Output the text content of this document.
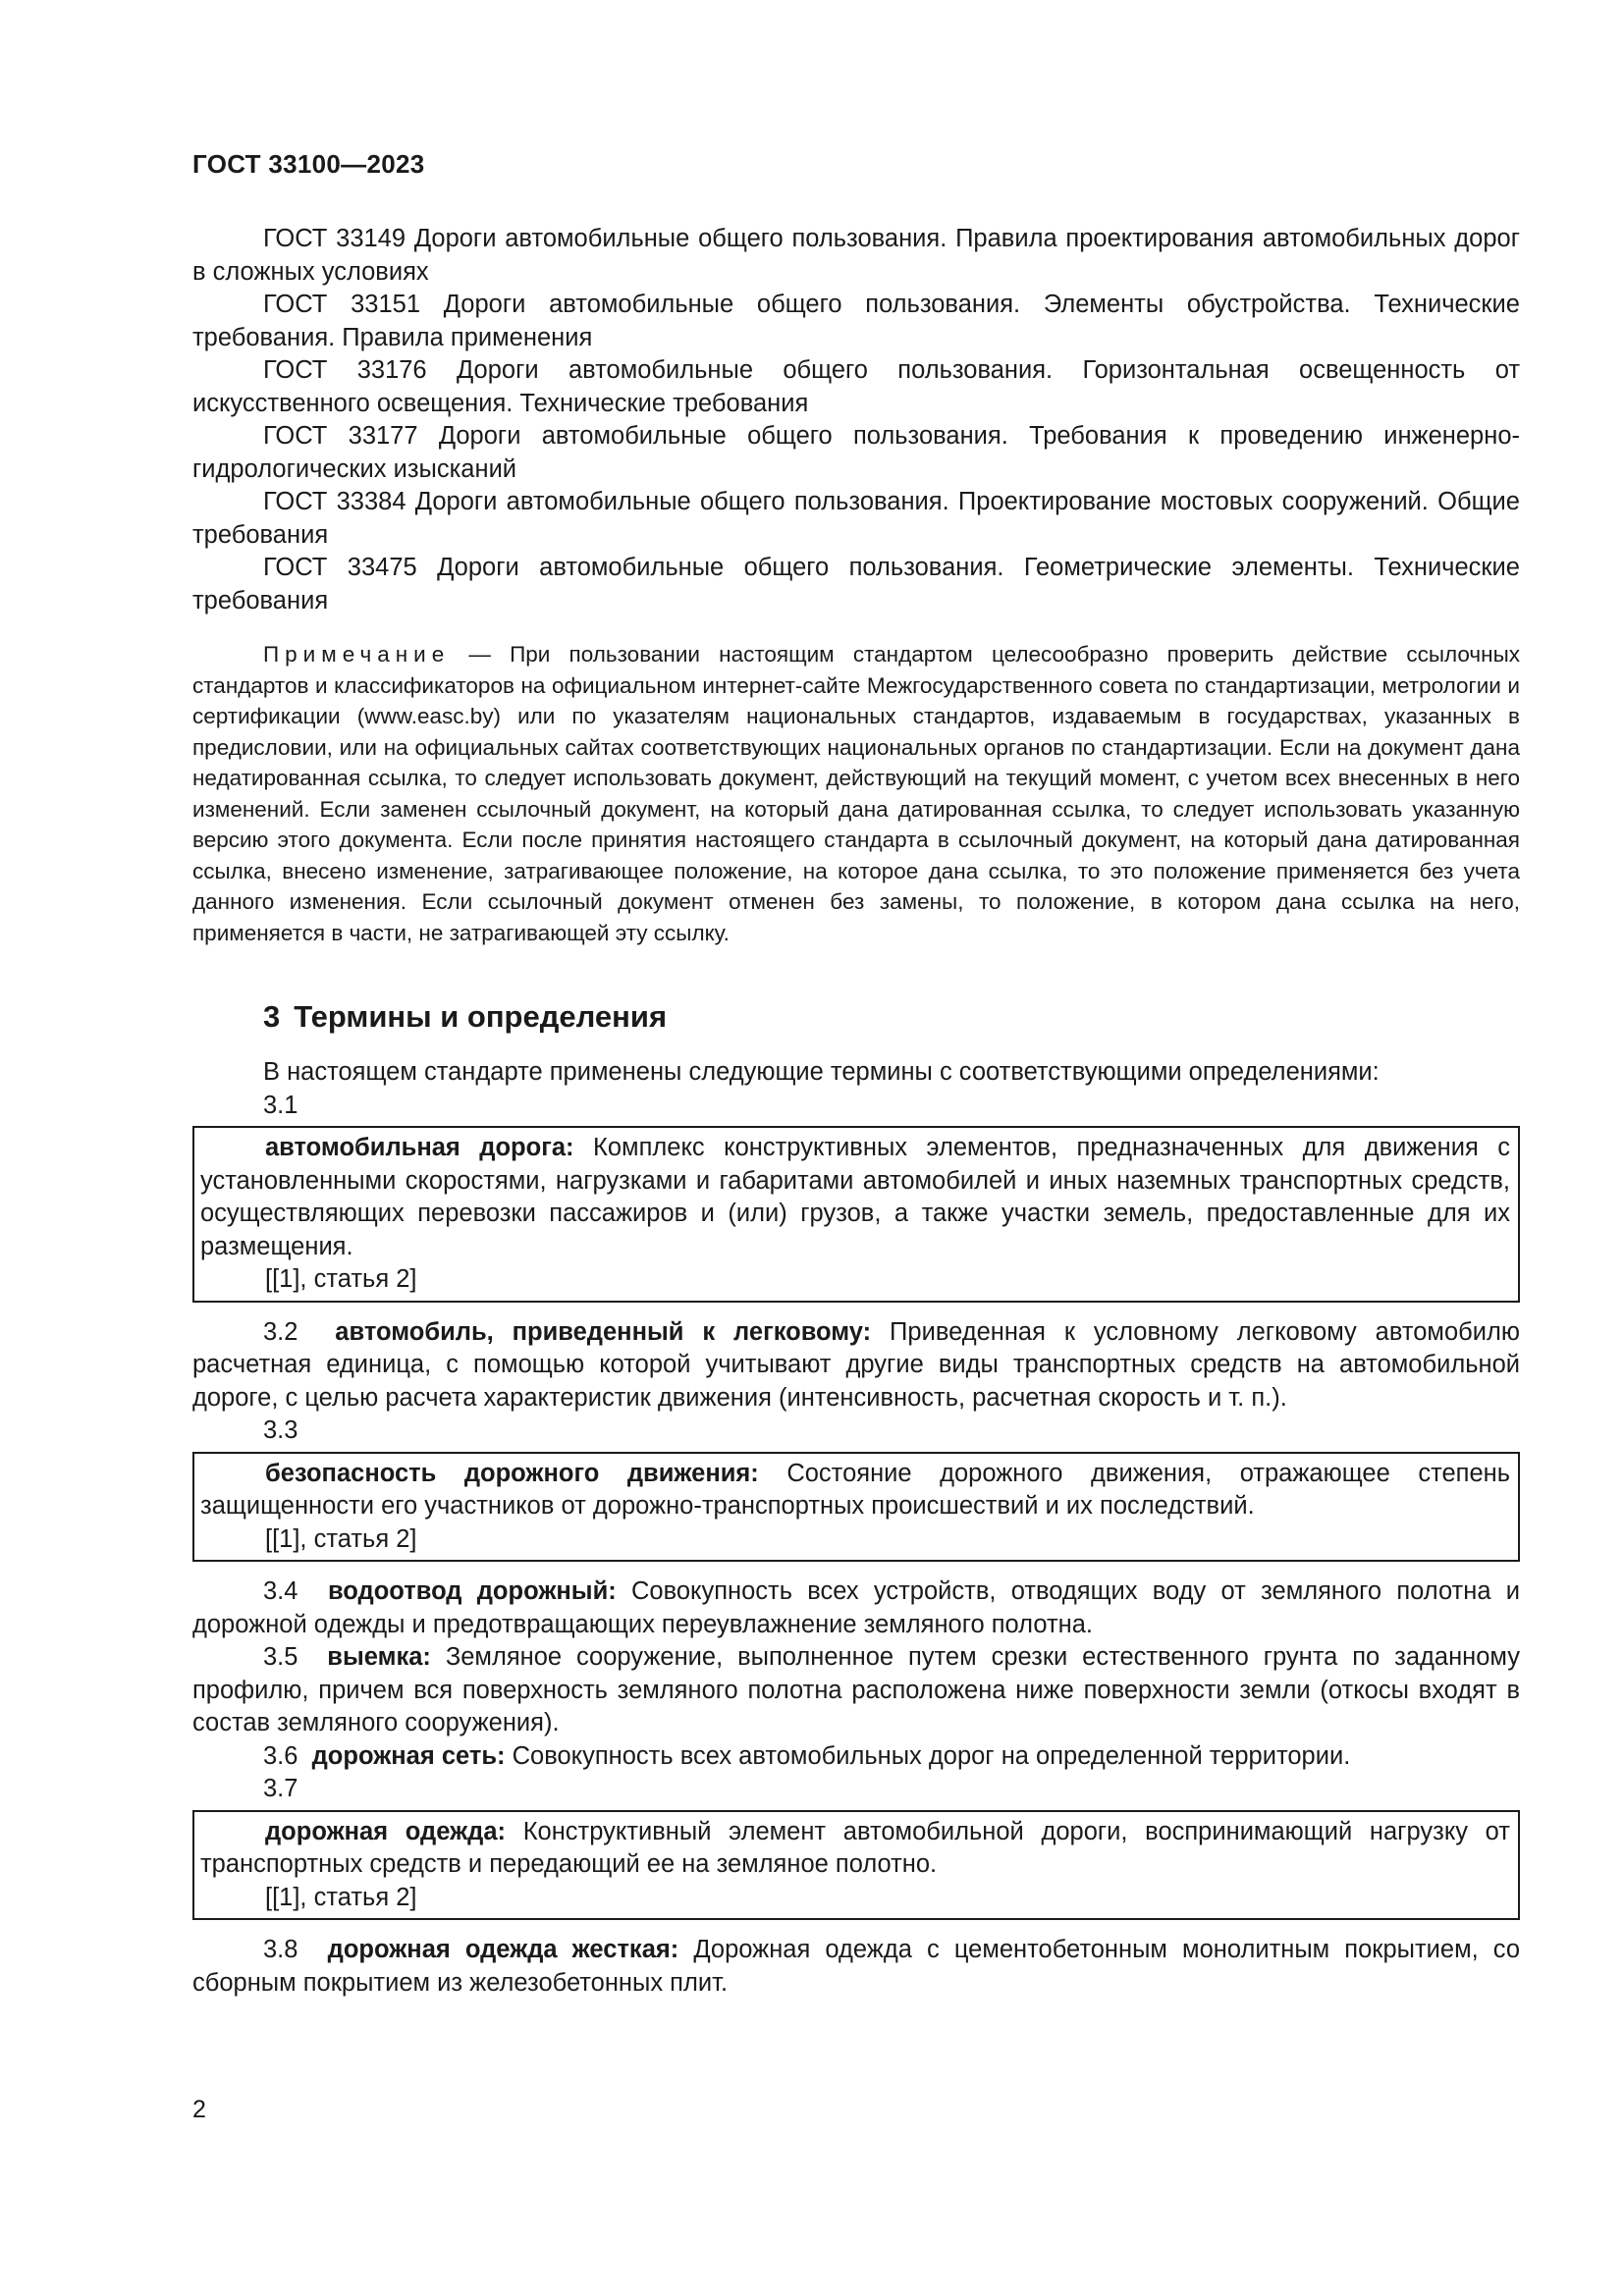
ГОСТ 33100—2023

ГОСТ 33149 Дороги автомобильные общего пользования. Правила проектирования автомобильных дорог в сложных условиях

ГОСТ 33151 Дороги автомобильные общего пользования. Элементы обустройства. Технические требования. Правила применения

ГОСТ 33176 Дороги автомобильные общего пользования. Горизонтальная освещенность от искусственного освещения. Технические требования

ГОСТ 33177 Дороги автомобильные общего пользования. Требования к проведению инженерно-гидрологических изысканий

ГОСТ 33384 Дороги автомобильные общего пользования. Проектирование мостовых сооружений. Общие требования

ГОСТ 33475 Дороги автомобильные общего пользования. Геометрические элементы. Технические требования

Примечание — При пользовании настоящим стандартом целесообразно проверить действие ссылочных стандартов и классификаторов на официальном интернет-сайте Межгосударственного совета по стандартизации, метрологии и сертификации (www.easc.by) или по указателям национальных стандартов, издаваемым в государствах, указанных в предисловии, или на официальных сайтах соответствующих национальных органов по стандартизации. Если на документ дана недатированная ссылка, то следует использовать документ, действующий на текущий момент, с учетом всех внесенных в него изменений. Если заменен ссылочный документ, на который дана датированная ссылка, то следует использовать указанную версию этого документа. Если после принятия настоящего стандарта в ссылочный документ, на который дана датированная ссылка, внесено изменение, затрагивающее положение, на которое дана ссылка, то это положение применяется без учета данного изменения. Если ссылочный документ отменен без замены, то положение, в котором дана ссылка на него, применяется в части, не затрагивающей эту ссылку.

3 Термины и определения

В настоящем стандарте применены следующие термины с соответствующими определениями:

3.1

автомобильная дорога: Комплекс конструктивных элементов, предназначенных для движения с установленными скоростями, нагрузками и габаритами автомобилей и иных наземных транспортных средств, осуществляющих перевозки пассажиров и (или) грузов, а также участки земель, предоставленные для их размещения.

[[1], статья 2]

3.2 автомобиль, приведенный к легковому: Приведенная к условному легковому автомобилю расчетная единица, с помощью которой учитывают другие виды транспортных средств на автомобильной дороге, с целью расчета характеристик движения (интенсивность, расчетная скорость и т. п.).

3.3

безопасность дорожного движения: Состояние дорожного движения, отражающее степень защищенности его участников от дорожно-транспортных происшествий и их последствий.

[[1], статья 2]

3.4 водоотвод дорожный: Совокупность всех устройств, отводящих воду от земляного полотна и дорожной одежды и предотвращающих переувлажнение земляного полотна.

3.5 выемка: Земляное сооружение, выполненное путем срезки естественного грунта по заданному профилю, причем вся поверхность земляного полотна расположена ниже поверхности земли (откосы входят в состав земляного сооружения).

3.6 дорожная сеть: Совокупность всех автомобильных дорог на определенной территории.

3.7

дорожная одежда: Конструктивный элемент автомобильной дороги, воспринимающий нагрузку от транспортных средств и передающий ее на земляное полотно.

[[1], статья 2]

3.8 дорожная одежда жесткая: Дорожная одежда с цементобетонным монолитным покрытием, со сборным покрытием из железобетонных плит.

2
